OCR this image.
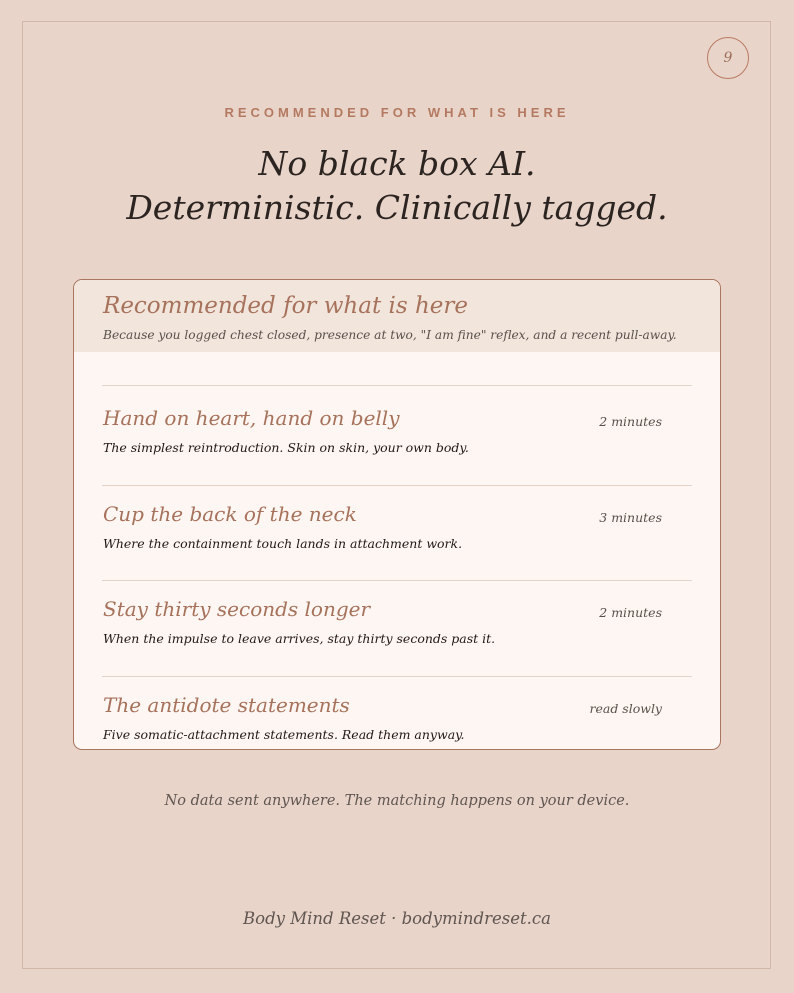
9
RECOMMENDED FOR WHAT IS HERE
No black box AI.
Deterministic. Clinically tagged.
Recommended for what is here
Because you logged chest closed, presence at two, "I am fine" reflex, and a recent pull-away.
Hand on heart, hand on belly	2 minutes
The simplest reintroduction. Skin on skin, your own body.
Cup the back of the neck	3 minutes
Where the containment touch lands in attachment work.
Stay thirty seconds longer	2 minutes
When the impulse to leave arrives, stay thirty seconds past it.
The antidote statements	read slowly
Five somatic-attachment statements. Read them anyway.
No data sent anywhere. The matching happens on your device.
Body Mind Reset · bodymindreset.ca
